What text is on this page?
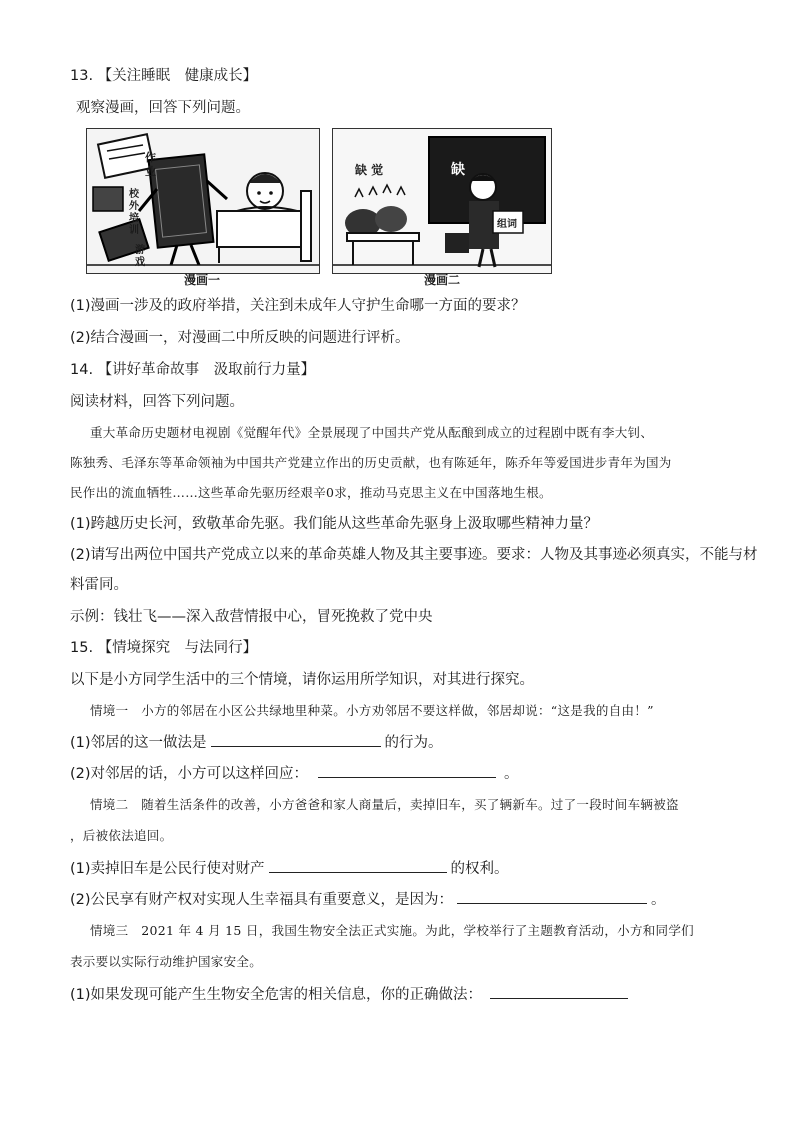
13. 【关注睡眠　健康成长】
观察漫画，回答下列问题。
作
业
校
外
培
训
游
戏
漫画一
缺 觉	缺
组词
漫画二
(1)漫画一涉及的政府举措，关注到未成年人守护生命哪一方面的要求？
(2)结合漫画一，对漫画二中所反映的问题进行评析。
14. 【讲好革命故事　汲取前行力量】
阅读材料，回答下列问题。
重大革命历史题材电视剧《觉醒年代》全景展现了中国共产党从酝酿到成立的过程剧中既有李大钊、
陈独秀、毛泽东等革命领袖为中国共产党建立作出的历史贡献，也有陈延年，陈乔年等爱国进步青年为国为
民作出的流血牺牲……这些革命先驱历经艰辛0求，推动马克思主义在中国落地生根。
(1)跨越历史长河，致敬革命先驱。我们能从这些革命先驱身上汲取哪些精神力量？
(2)请写出两位中国共产党成立以来的革命英雄人物及其主要事迹。要求：人物及其事迹必须真实，不能与材
料雷同。
示例：钱壮飞——深入敌营情报中心，冒死挽救了党中央
15. 【情境探究　与法同行】
以下是小方同学生活中的三个情境，请你运用所学知识，对其进行探究。
情境一　小方的邻居在小区公共绿地里种菜。小方劝邻居不要这样做，邻居却说：“这是我的自由！”
(1)邻居的这一做法是	的行为。
(2)对邻居的话，小方可以这样回应：	。
情境二　随着生活条件的改善，小方爸爸和家人商量后，卖掉旧车，买了辆新车。过了一段时间车辆被盗
，后被依法追回。
(1)卖掉旧车是公民行使对财产	的权利。
(2)公民享有财产权对实现人生幸福具有重要意义，是因为：	。
情境三　2021 年 4 月 15 日，我国生物安全法正式实施。为此，学校举行了主题教育活动，小方和同学们
表示要以实际行动维护国家安全。
(1)如果发现可能产生生物安全危害的相关信息，你的正确做法：
